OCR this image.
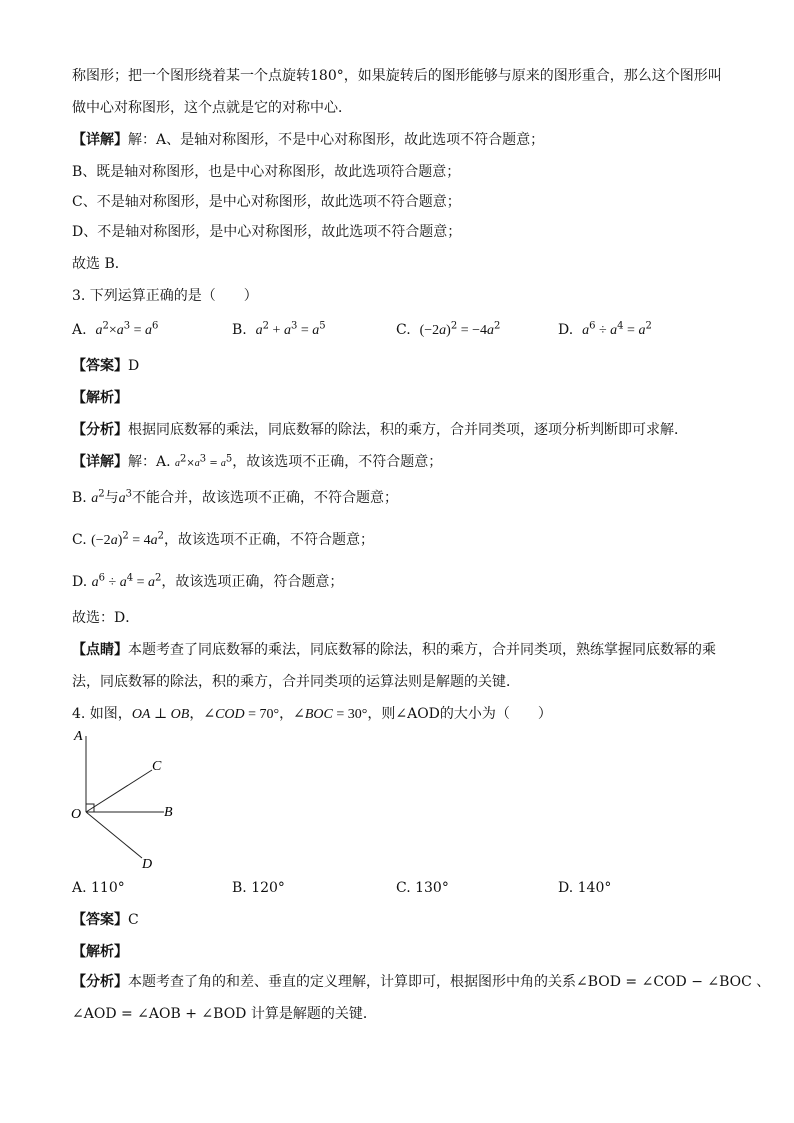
称图形；把一个图形绕着某一个点旋转180°，如果旋转后的图形能够与原来的图形重合，那么这个图形叫
做中心对称图形，这个点就是它的对称中心．
【详解】解：A、是轴对称图形，不是中心对称图形，故此选项不符合题意；
B、既是轴对称图形，也是中心对称图形，故此选项符合题意；
C、不是轴对称图形，是中心对称图形，故此选项不符合题意；
D、不是轴对称图形，是中心对称图形，故此选项不符合题意；
故选 B．
3. 下列运算正确的是（　　）
A. $a^2\times a^3 = a^6$	B. $a^2 + a^3 = a^5$	C. $(-2a)^2 = -4a^2$	D. $a^6 \div a^4 = a^2$
【答案】D
【解析】
【分析】根据同底数幂的乘法，同底数幂的除法，积的乘方，合并同类项，逐项分析判断即可求解．
【详解】解：A. $a^2\times a^3 = a^5$，故该选项不正确，不符合题意；
B. $a^2$与$a^3$不能合并，故该选项不正确，不符合题意；
C. $(-2a)^2 = 4a^2$，故该选项不正确，不符合题意；
D. $a^6 \div a^4 = a^2$，故该选项正确，符合题意；
故选：D．
【点睛】本题考查了同底数幂的乘法，同底数幂的除法，积的乘方，合并同类项，熟练掌握同底数幂的乘
法，同底数幂的除法，积的乘方，合并同类项的运算法则是解题的关键．
4. 如图，OA ⊥ OB，∠COD = 70°，∠BOC = 30°，则∠AOD的大小为（　　）
A
C
O	B
D
A. 110°	B. 120°	C. 130°	D. 140°
【答案】C
【解析】
【分析】本题考查了角的和差、垂直的定义理解，计算即可，根据图形中角的关系∠BOD = ∠COD − ∠BOC 、
∠AOD = ∠AOB + ∠BOD 计算是解题的关键．
